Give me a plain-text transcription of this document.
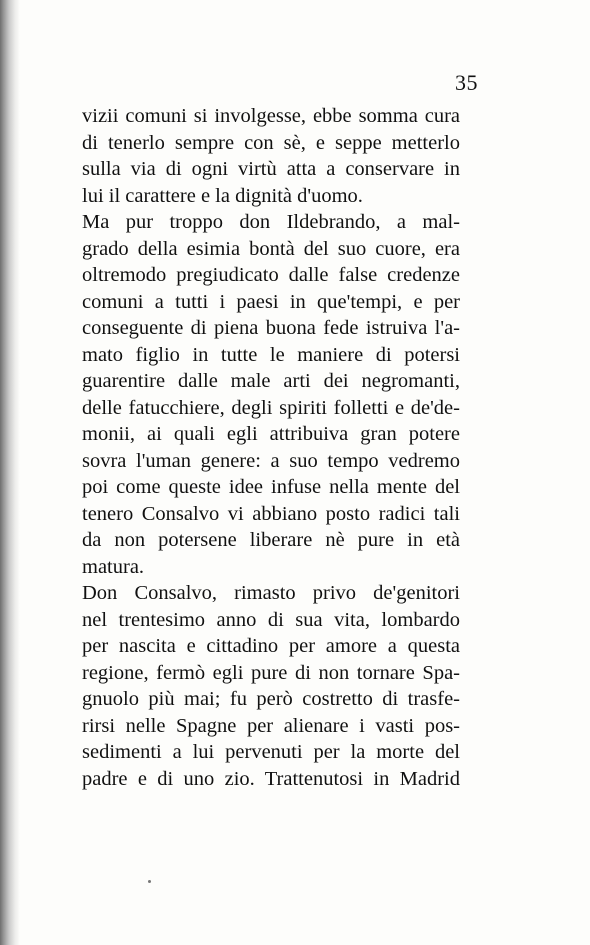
35
vizii comuni si involgesse, ebbe somma cura
di tenerlo sempre con sè, e seppe metterlo
sulla via di ogni virtù atta a conservare in
lui il carattere e la dignità d'uomo.
Ma pur troppo don Ildebrando, a mal-
grado della esimia bontà del suo cuore, era
oltremodo pregiudicato dalle false credenze
comuni a tutti i paesi in que'tempi, e per
conseguente di piena buona fede istruiva l'a-
mato figlio in tutte le maniere di potersi
guarentire dalle male arti dei negromanti,
delle fatucchiere, degli spiriti folletti e de'de-
monii, ai quali egli attribuiva gran potere
sovra l'uman genere: a suo tempo vedremo
poi come queste idee infuse nella mente del
tenero Consalvo vi abbiano posto radici tali
da non potersene liberare nè pure in età
matura.
Don Consalvo, rimasto privo de'genitori
nel trentesimo anno di sua vita, lombardo
per nascita e cittadino per amore a questa
regione, fermò egli pure di non tornare Spa-
gnuolo più mai; fu però costretto di trasfe-
rirsi nelle Spagne per alienare i vasti pos-
sedimenti a lui pervenuti per la morte del
padre e di uno zio. Trattenutosi in Madrid
